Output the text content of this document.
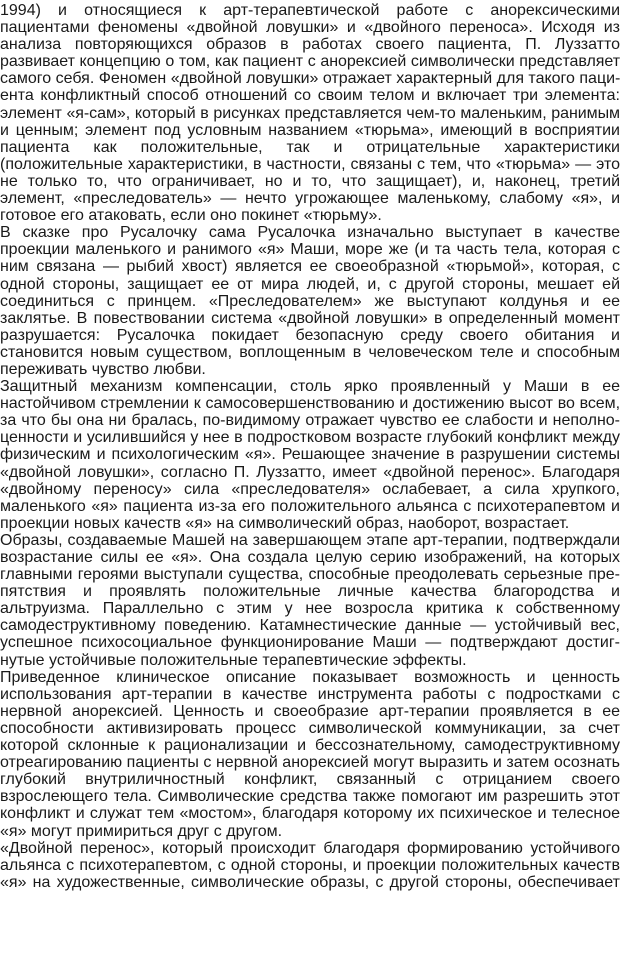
1994) и относящиеся к арт-терапевтической работе с анорексическими
пациентами феномены «двойной ловушки» и «двойного переноса». Исходя из
анализа повторяющихся образов в работах своего пациента, П. Луззатто
развивает концепцию о том, как пациент с анорексией символически представляет
самого себя. Феномен «двойной ловушки» отражает характерный для такого паци-
ента конфликтный способ отношений со своим телом и включает три элемента:
элемент «я-сам», который в рисунках представляется чем-то маленьким, ранимым
и ценным; элемент под условным названием «тюрьма», имеющий в восприятии
пациента как положительные, так и отрицательные характеристики
(положительные характеристики, в частности, связаны с тем, что «тюрьма» — это
не только то, что ограничивает, но и то, что защищает), и, наконец, третий
элемент, «преследователь» — нечто угрожающее маленькому, слабому «я», и
готовое его атаковать, если оно покинет «тюрьму».
В сказке про Русалочку сама Русалочка изначально выступает в качестве
проекции маленького и ранимого «я» Маши, море же (и та часть тела, которая с
ним связана — рыбий хвост) является ее своеобразной «тюрьмой», которая, с
одной стороны, защищает ее от мира людей, и, с другой стороны, мешает ей
соединиться с принцем. «Преследователем» же выступают колдунья и ее
заклятье. В повествовании система «двойной ловушки» в определенный момент
разрушается: Русалочка покидает безопасную среду своего обитания и
становится новым существом, воплощенным в человеческом теле и способным
переживать чувство любви.
Защитный механизм компенсации, столь ярко проявленный у Маши в ее
настойчивом стремлении к самосовершенствованию и достижению высот во всем,
за что бы она ни бралась, по-видимому отражает чувство ее слабости и неполно-
ценности и усилившийся у нее в подростковом возрасте глубокий конфликт между
физическим и психологическим «я». Решающее значение в разрушении системы
«двойной ловушки», согласно П. Луззатто, имеет «двойной перенос». Благодаря
«двойному переносу» сила «преследователя» ослабевает, а сила хрупкого,
маленького «я» пациента из-за его положительного альянса с психотерапевтом и
проекции новых качеств «я» на символический образ, наоборот, возрастает.
Образы, создаваемые Машей на завершающем этапе арт-терапии, подтверждали
возрастание силы ее «я». Она создала целую серию изображений, на которых
главными героями выступали существа, способные преодолевать серьезные пре-
пятствия и проявлять положительные личные качества благородства и
альтруизма. Параллельно с этим у нее возросла критика к собственному
самодеструктивному поведению. Катамнестические данные — устойчивый вес,
успешное психосоциальное функционирование Маши — подтверждают достиг-
нутые устойчивые положительные терапевтические эффекты.
Приведенное клиническое описание показывает возможность и ценность
использования арт-терапии в качестве инструмента работы с подростками с
нервной анорексией. Ценность и своеобразие арт-терапии проявляется в ее
способности активизировать процесс символической коммуникации, за счет
которой склонные к рационализации и бессознательному, самодеструктивному
отреагированию пациенты с нервной анорексией могут выразить и затем осознать
глубокий внутриличностный конфликт, связанный с отрицанием своего
взрослеющего тела. Символические средства также помогают им разрешить этот
конфликт и служат тем «мостом», благодаря которому их психическое и телесное
«я» могут примириться друг с другом.
«Двойной перенос», который происходит благодаря формированию устойчивого
альянса с психотерапевтом, с одной стороны, и проекции положительных качеств
«я» на художественные, символические образы, с другой стороны, обеспечивает
